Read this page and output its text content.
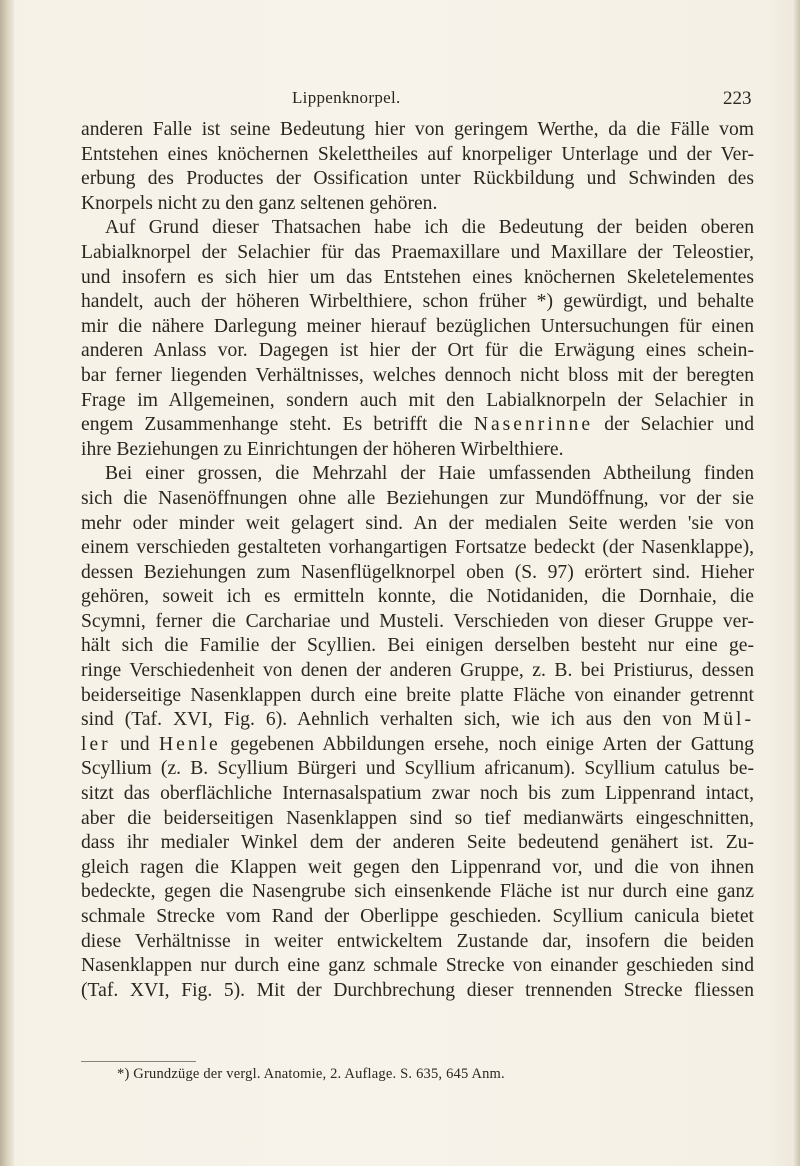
Lippenknorpel.	223
anderen Falle ist seine Bedeutung hier von geringem Werthe, da die Fälle vom
Entstehen eines knöchernen Skelettheiles auf knorpeliger Unterlage und der Ver-
erbung des Productes der Ossification unter Rückbildung und Schwinden des
Knorpels nicht zu den ganz seltenen gehören.
Auf Grund dieser Thatsachen habe ich die Bedeutung der beiden oberen
Labialknorpel der Selachier für das Praemaxillare und Maxillare der Teleostier,
und insofern es sich hier um das Entstehen eines knöchernen Skeletelementes
handelt, auch der höheren Wirbelthiere, schon früher *) gewürdigt, und behalte
mir die nähere Darlegung meiner hierauf bezüglichen Untersuchungen für einen
anderen Anlass vor. Dagegen ist hier der Ort für die Erwägung eines schein-
bar ferner liegenden Verhältnisses, welches dennoch nicht bloss mit der beregten
Frage im Allgemeinen, sondern auch mit den Labialknorpeln der Selachier in
engem Zusammenhange steht. Es betrifft die Nasenrinne der Selachier und
ihre Beziehungen zu Einrichtungen der höheren Wirbelthiere.
Bei einer grossen, die Mehrzahl der Haie umfassenden Abtheilung finden
sich die Nasenöffnungen ohne alle Beziehungen zur Mundöffnung, vor der sie
mehr oder minder weit gelagert sind. An der medialen Seite werden 'sie von
einem verschieden gestalteten vorhangartigen Fortsatze bedeckt (der Nasenklappe),
dessen Beziehungen zum Nasenflügelknorpel oben (S. 97) erörtert sind. Hieher
gehören, soweit ich es ermitteln konnte, die Notidaniden, die Dornhaie, die
Scymni, ferner die Carchariae und Musteli. Verschieden von dieser Gruppe ver-
hält sich die Familie der Scyllien. Bei einigen derselben besteht nur eine ge-
ringe Verschiedenheit von denen der anderen Gruppe, z. B. bei Pristiurus, dessen
beiderseitige Nasenklappen durch eine breite platte Fläche von einander getrennt
sind (Taf. XVI, Fig. 6). Aehnlich verhalten sich, wie ich aus den von Mül-
ler und Henle gegebenen Abbildungen ersehe, noch einige Arten der Gattung
Scyllium (z. B. Scyllium Bürgeri und Scyllium africanum). Scyllium catulus be-
sitzt das oberflächliche Internasalspatium zwar noch bis zum Lippenrand intact,
aber die beiderseitigen Nasenklappen sind so tief medianwärts eingeschnitten,
dass ihr medialer Winkel dem der anderen Seite bedeutend genähert ist. Zu-
gleich ragen die Klappen weit gegen den Lippenrand vor, und die von ihnen
bedeckte, gegen die Nasengrube sich einsenkende Fläche ist nur durch eine ganz
schmale Strecke vom Rand der Oberlippe geschieden. Scyllium canicula bietet
diese Verhältnisse in weiter entwickeltem Zustande dar, insofern die beiden
Nasenklappen nur durch eine ganz schmale Strecke von einander geschieden sind
(Taf. XVI, Fig. 5). Mit der Durchbrechung dieser trennenden Strecke fliessen
*) Grundzüge der vergl. Anatomie, 2. Auflage. S. 635, 645 Anm.
